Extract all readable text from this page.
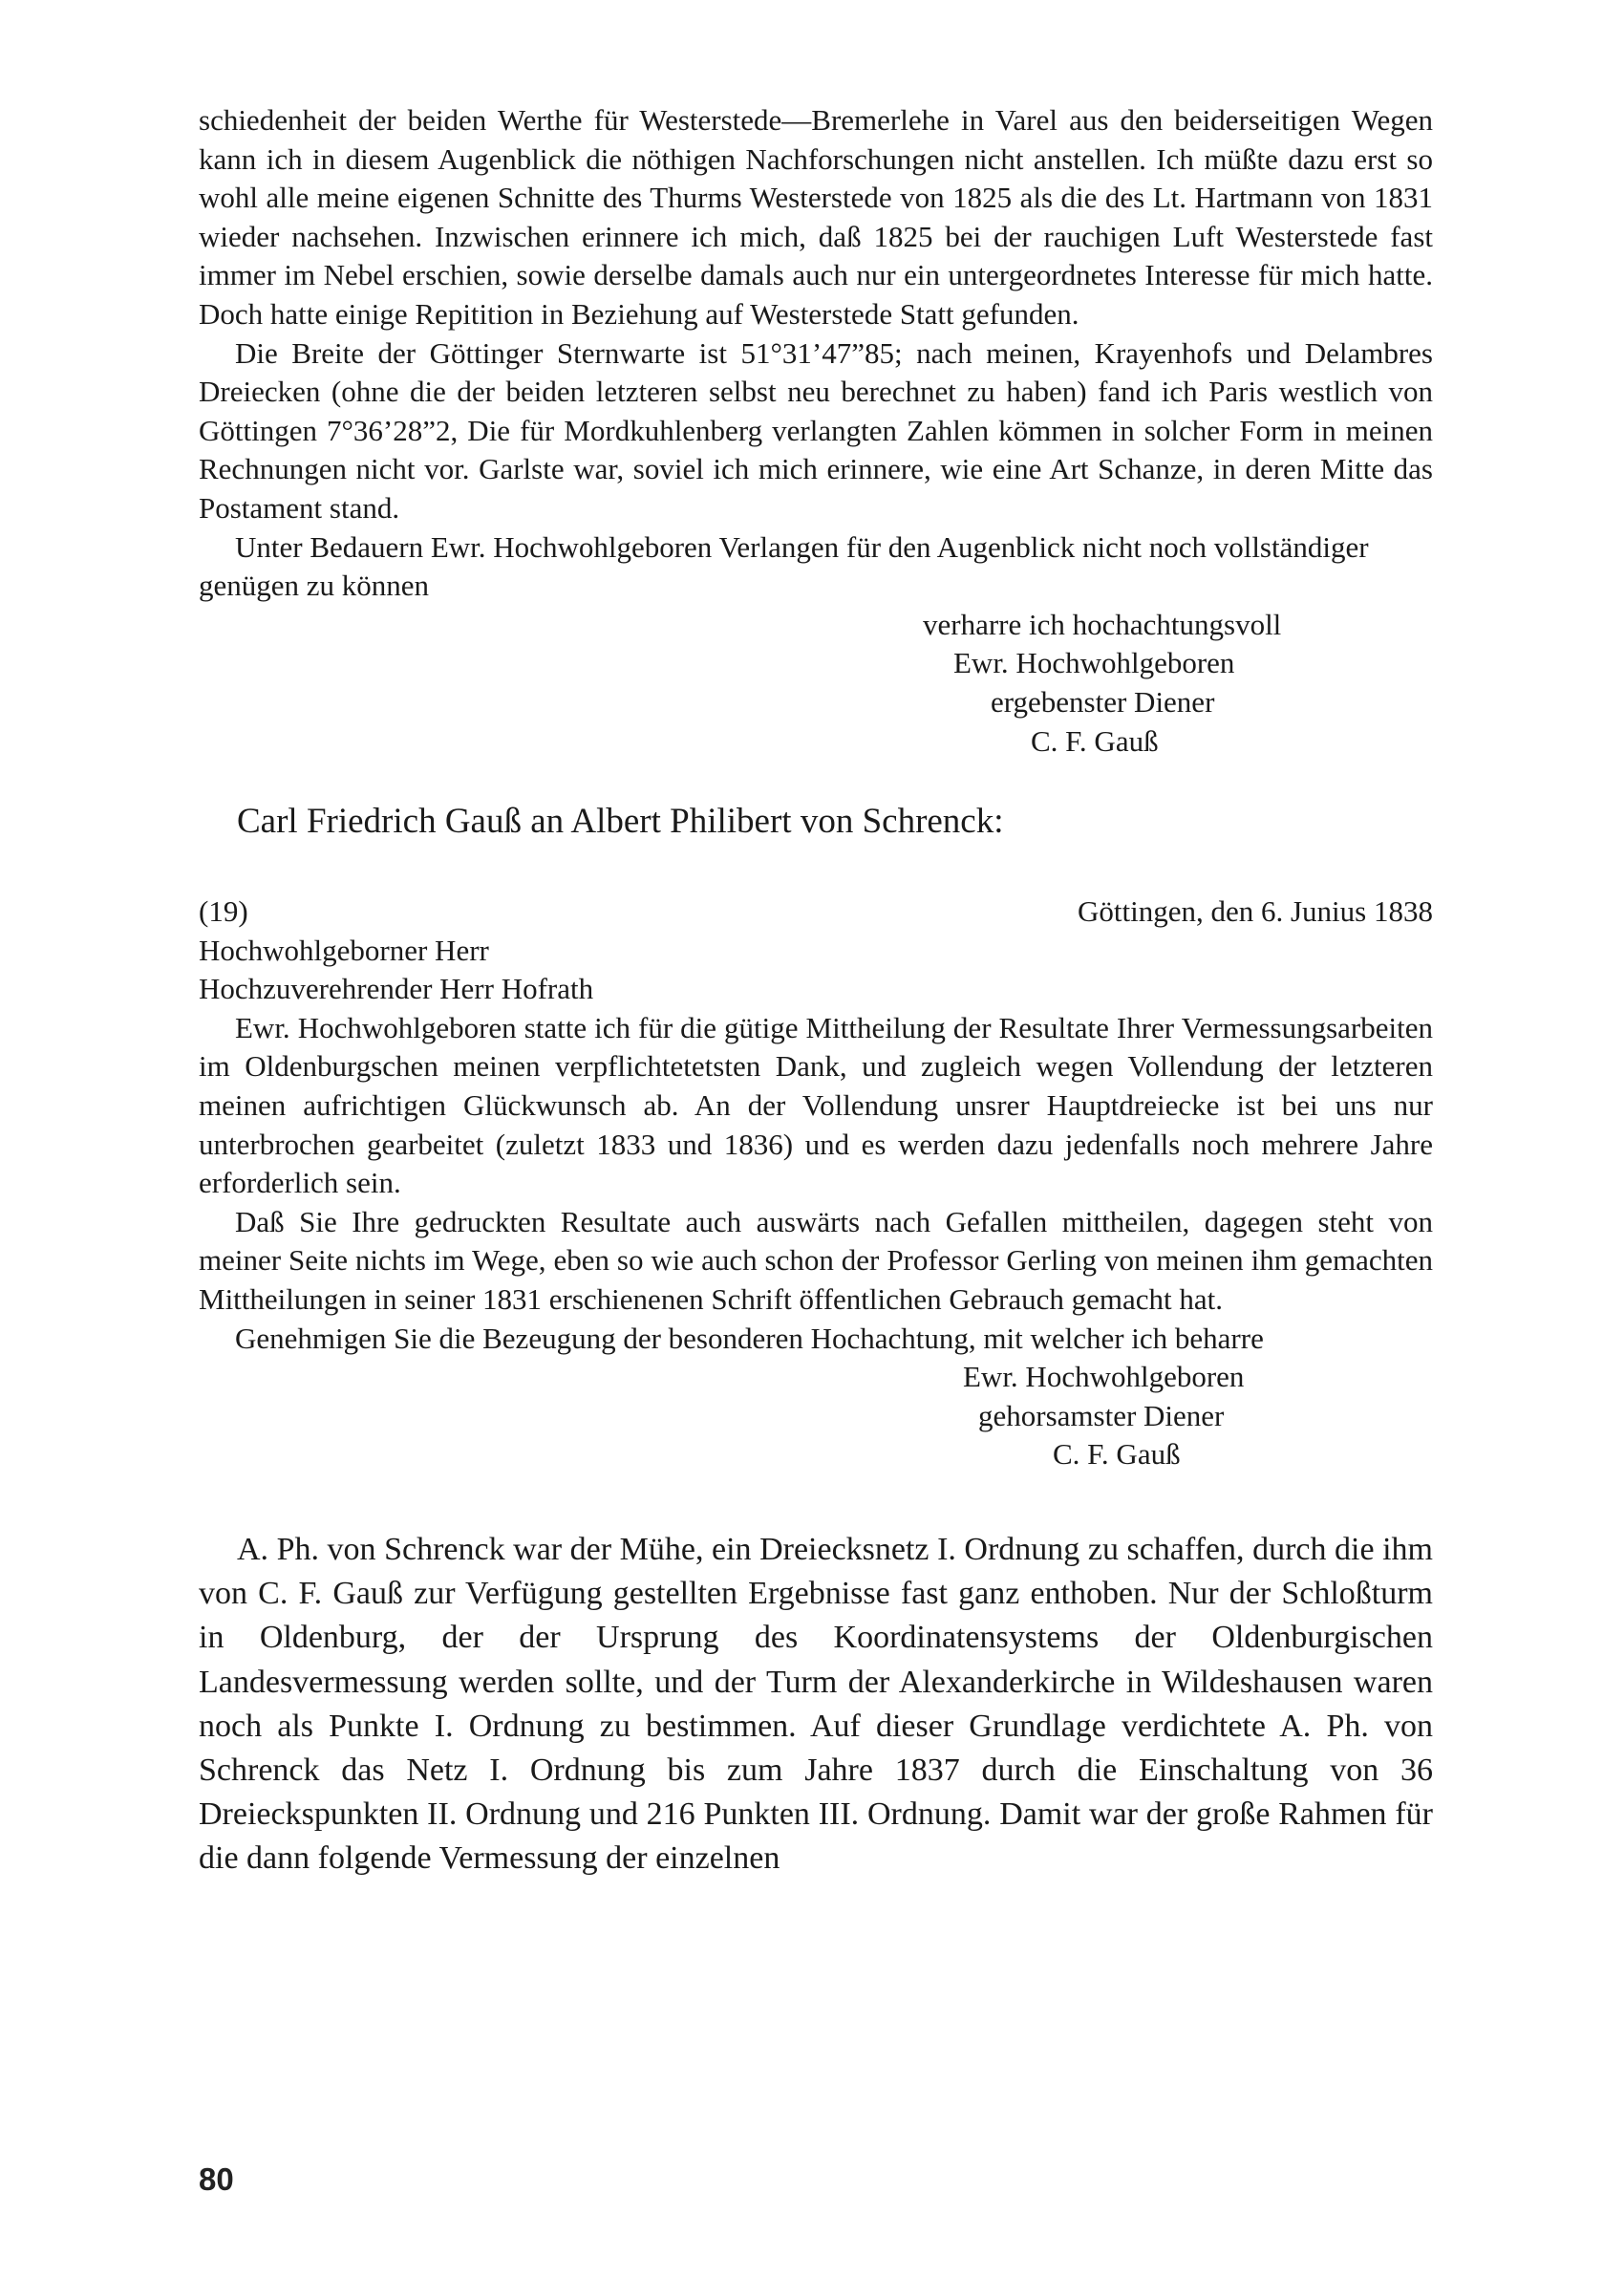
schiedenheit der beiden Werthe für Westerstede—Bremerlehe in Varel aus den beiderseitigen Wegen kann ich in diesem Augenblick die nöthigen Nachforschungen nicht anstellen. Ich müßte dazu erst so wohl alle meine eigenen Schnitte des Thurms Westerstede von 1825 als die des Lt. Hartmann von 1831 wieder nachsehen. Inzwischen erinnere ich mich, daß 1825 bei der rauchigen Luft Westerstede fast immer im Nebel erschien, sowie derselbe damals auch nur ein untergeordnetes Interesse für mich hatte. Doch hatte einige Repitition in Beziehung auf Westerstede Statt gefunden.

Die Breite der Göttinger Sternwarte ist 51°31’47”85; nach meinen, Krayenhofs und Delambres Dreiecken (ohne die der beiden letzteren selbst neu berechnet zu haben) fand ich Paris westlich von Göttingen 7°36’28”2, Die für Mordkuhlenberg verlangten Zahlen kömmen in solcher Form in meinen Rechnungen nicht vor. Garlste war, soviel ich mich erinnere, wie eine Art Schanze, in deren Mitte das Postament stand.

Unter Bedauern Ewr. Hochwohlgeboren Verlangen für den Augenblick nicht noch vollständiger genügen zu können

verharre ich hochachtungsvoll
Ewr. Hochwohlgeboren
ergebenster Diener
C. F. Gauß
Carl Friedrich Gauß an Albert Philibert von Schrenck:
(19)	Göttingen, den 6. Junius 1838

Hochwohlgeborner Herr

Hochzuverehrender Herr Hofrath

Ewr. Hochwohlgeboren statte ich für die gütige Mittheilung der Resultate Ihrer Vermessungsarbeiten im Oldenburgschen meinen verpflichtetetsten Dank, und zugleich wegen Vollendung der letzteren meinen aufrichtigen Glückwunsch ab. An der Vollendung unsrer Hauptdreiecke ist bei uns nur unterbrochen gearbeitet (zuletzt 1833 und 1836) und es werden dazu jedenfalls noch mehrere Jahre erforderlich sein.

Daß Sie Ihre gedruckten Resultate auch auswärts nach Gefallen mittheilen, dagegen steht von meiner Seite nichts im Wege, eben so wie auch schon der Professor Gerling von meinen ihm gemachten Mittheilungen in seiner 1831 erschienenen Schrift öffentlichen Gebrauch gemacht hat.

Genehmigen Sie die Bezeugung der besonderen Hochachtung, mit welcher ich beharre

Ewr. Hochwohlgeboren
gehorsamster Diener
C. F. Gauß

A. Ph. von Schrenck war der Mühe, ein Dreiecksnetz I. Ordnung zu schaffen, durch die ihm von C. F. Gauß zur Verfügung gestellten Ergebnisse fast ganz enthoben. Nur der Schloßturm in Oldenburg, der der Ursprung des Koordinatensystems der Oldenburgischen Landesvermessung werden sollte, und der Turm der Alexanderkirche in Wildeshausen waren noch als Punkte I. Ordnung zu bestimmen. Auf dieser Grundlage verdichtete A. Ph. von Schrenck das Netz I. Ordnung bis zum Jahre 1837 durch die Einschaltung von 36 Dreieckspunkten II. Ordnung und 216 Punkten III. Ordnung. Damit war der große Rahmen für die dann folgende Vermessung der einzelnen

80
